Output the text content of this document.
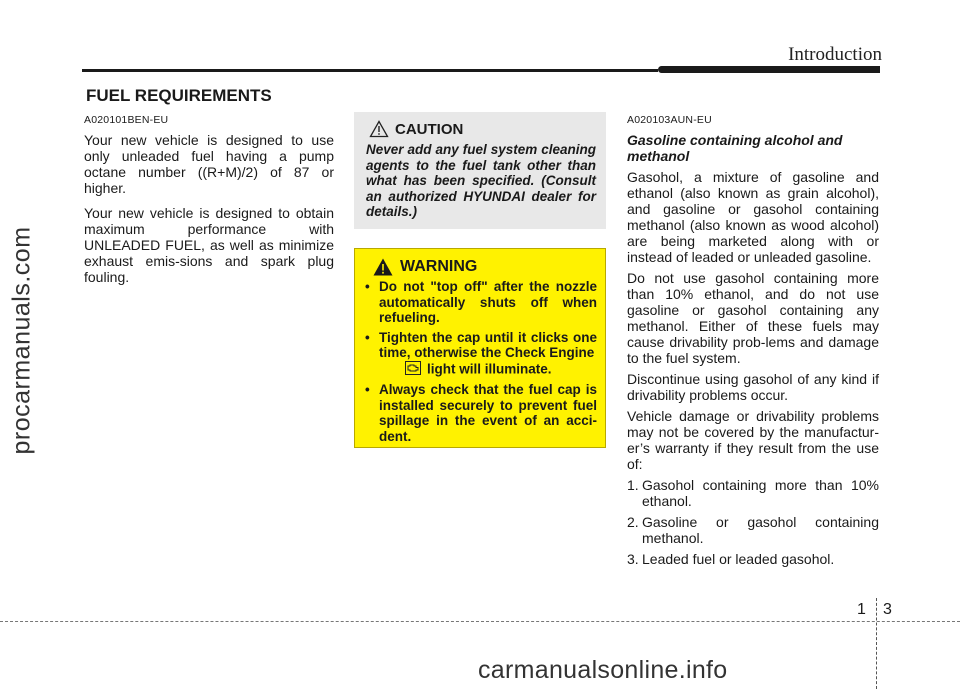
Introduction
procarmanuals.com
FUEL REQUIREMENTS
A020101BEN-EU

Your new vehicle is designed to use only unleaded fuel having a pump octane number ((R+M)/2) of 87 or higher.

Your new vehicle is designed to obtain maximum performance with UNLEADED FUEL, as well as minimize exhaust emis-sions and spark plug fouling.

CAUTION
Never add any fuel system cleaning agents to the fuel tank other than what has been specified. (Consult an authorized HYUNDAI dealer for details.)
WARNING
• Do not "top off" after the nozzle automatically shuts off when refueling.
• Tighten the cap until it clicks one time, otherwise the Check Engine
light will illuminate.
• Always check that the fuel cap is installed securely to prevent fuel spillage in the event of an acci-dent.
A020103AUN-EU
Gasoline containing alcohol and methanol

Gasohol, a mixture of gasoline and ethanol (also known as grain alcohol), and gasoline or gasohol containing methanol (also known as wood alcohol) are being marketed along with or instead of leaded or unleaded gasoline.

Do not use gasohol containing more than 10% ethanol, and do not use gasoline or gasohol containing any methanol. Either of these fuels may cause drivability prob-lems and damage to the fuel system.

Discontinue using gasohol of any kind if drivability problems occur.

Vehicle damage or drivability problems may not be covered by the manufactur-er’s warranty if they result from the use of:

1. Gasohol containing more than 10% ethanol.
2. Gasoline or gasohol containing methanol.
3. Leaded fuel or leaded gasohol.
1 3
carmanualsonline.info
